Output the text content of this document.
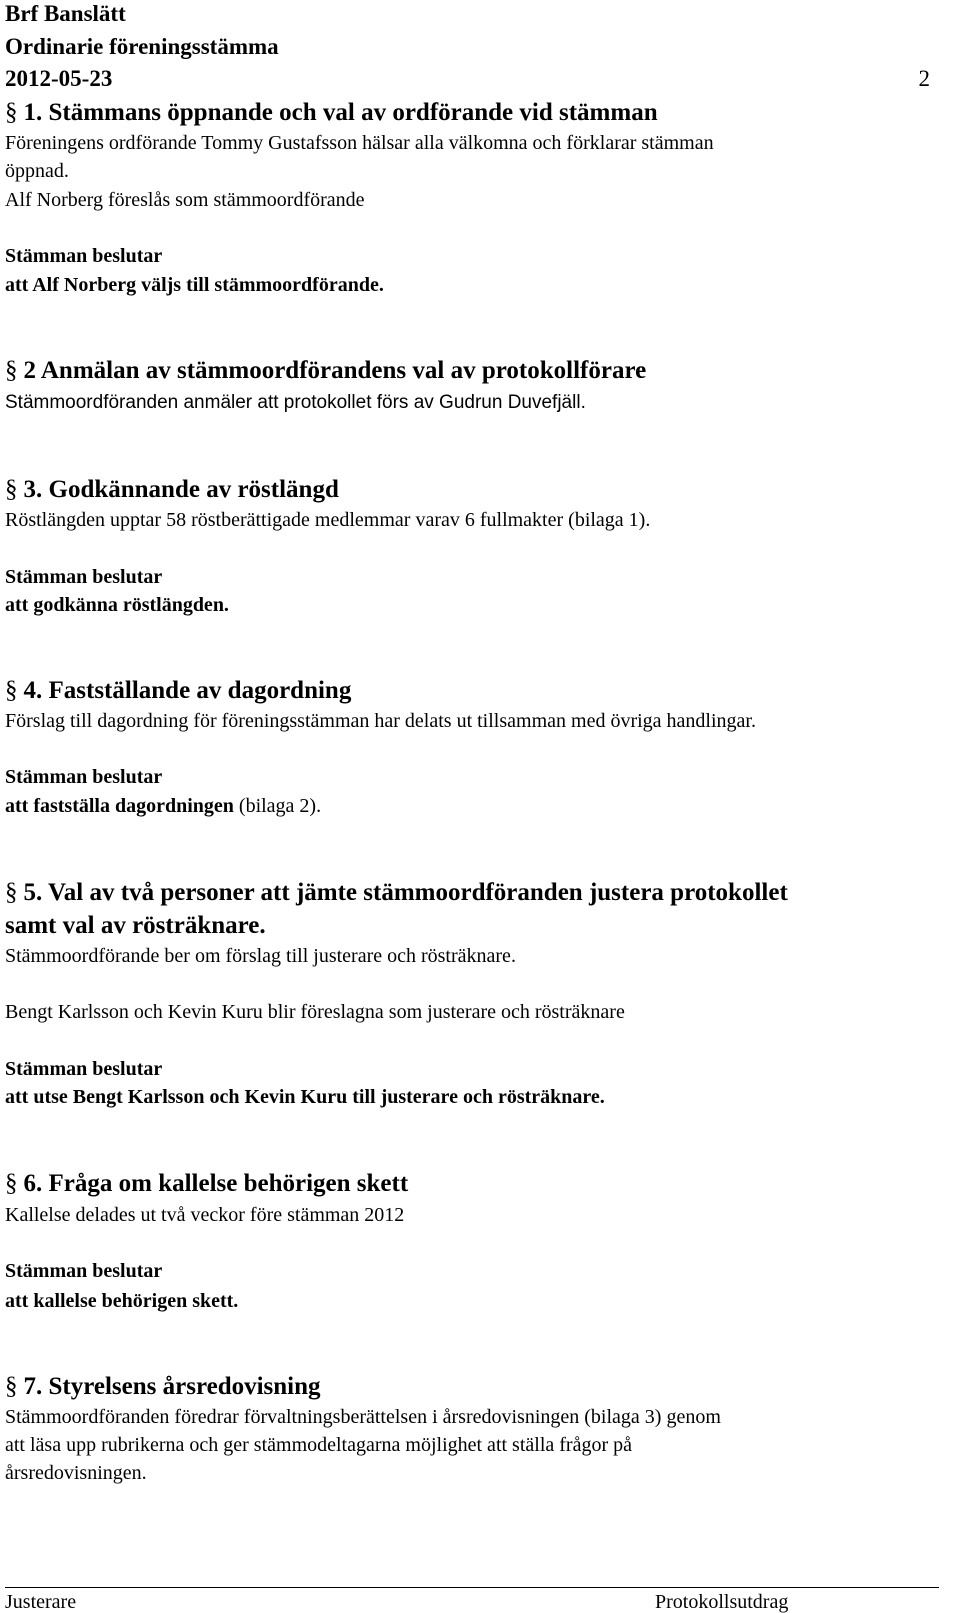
Brf Banslätt
Ordinarie föreningsstämma
2012-05-23	2
§ 1. Stämmans öppnande och val av ordförande vid stämman
Föreningens ordförande Tommy Gustafsson hälsar alla välkomna och förklarar stämman
öppnad.
Alf Norberg föreslås som stämmoordförande
Stämman beslutar
att Alf Norberg väljs till stämmoordförande.
§ 2 Anmälan av stämmoordförandens val av protokollförare
Stämmoordföranden anmäler att protokollet förs av Gudrun Duvefjäll.
§ 3. Godkännande av röstlängd
Röstlängden upptar 58 röstberättigade medlemmar varav 6 fullmakter (bilaga 1).
Stämman beslutar
att godkänna röstlängden.
§ 4. Fastställande av dagordning
Förslag till dagordning för föreningsstämman har delats ut tillsamman med övriga handlingar.
Stämman beslutar
att fastställa dagordningen (bilaga 2).
§ 5. Val av två personer att jämte stämmoordföranden justera protokollet
samt val av rösträknare.
Stämmoordförande ber om förslag till justerare och rösträknare.
Bengt Karlsson och Kevin Kuru blir föreslagna som justerare och rösträknare
Stämman beslutar
att utse Bengt Karlsson och Kevin Kuru till justerare och rösträknare.
§ 6. Fråga om kallelse behörigen skett
Kallelse delades ut två veckor före stämman 2012
Stämman beslutar
att kallelse behörigen skett.
§ 7. Styrelsens årsredovisning
Stämmoordföranden föredrar förvaltningsberättelsen i årsredovisningen (bilaga 3) genom
att läsa upp rubrikerna och ger stämmodeltagarna möjlighet att ställa frågor på
årsredovisningen.
Justerare	Protokollsutdrag
